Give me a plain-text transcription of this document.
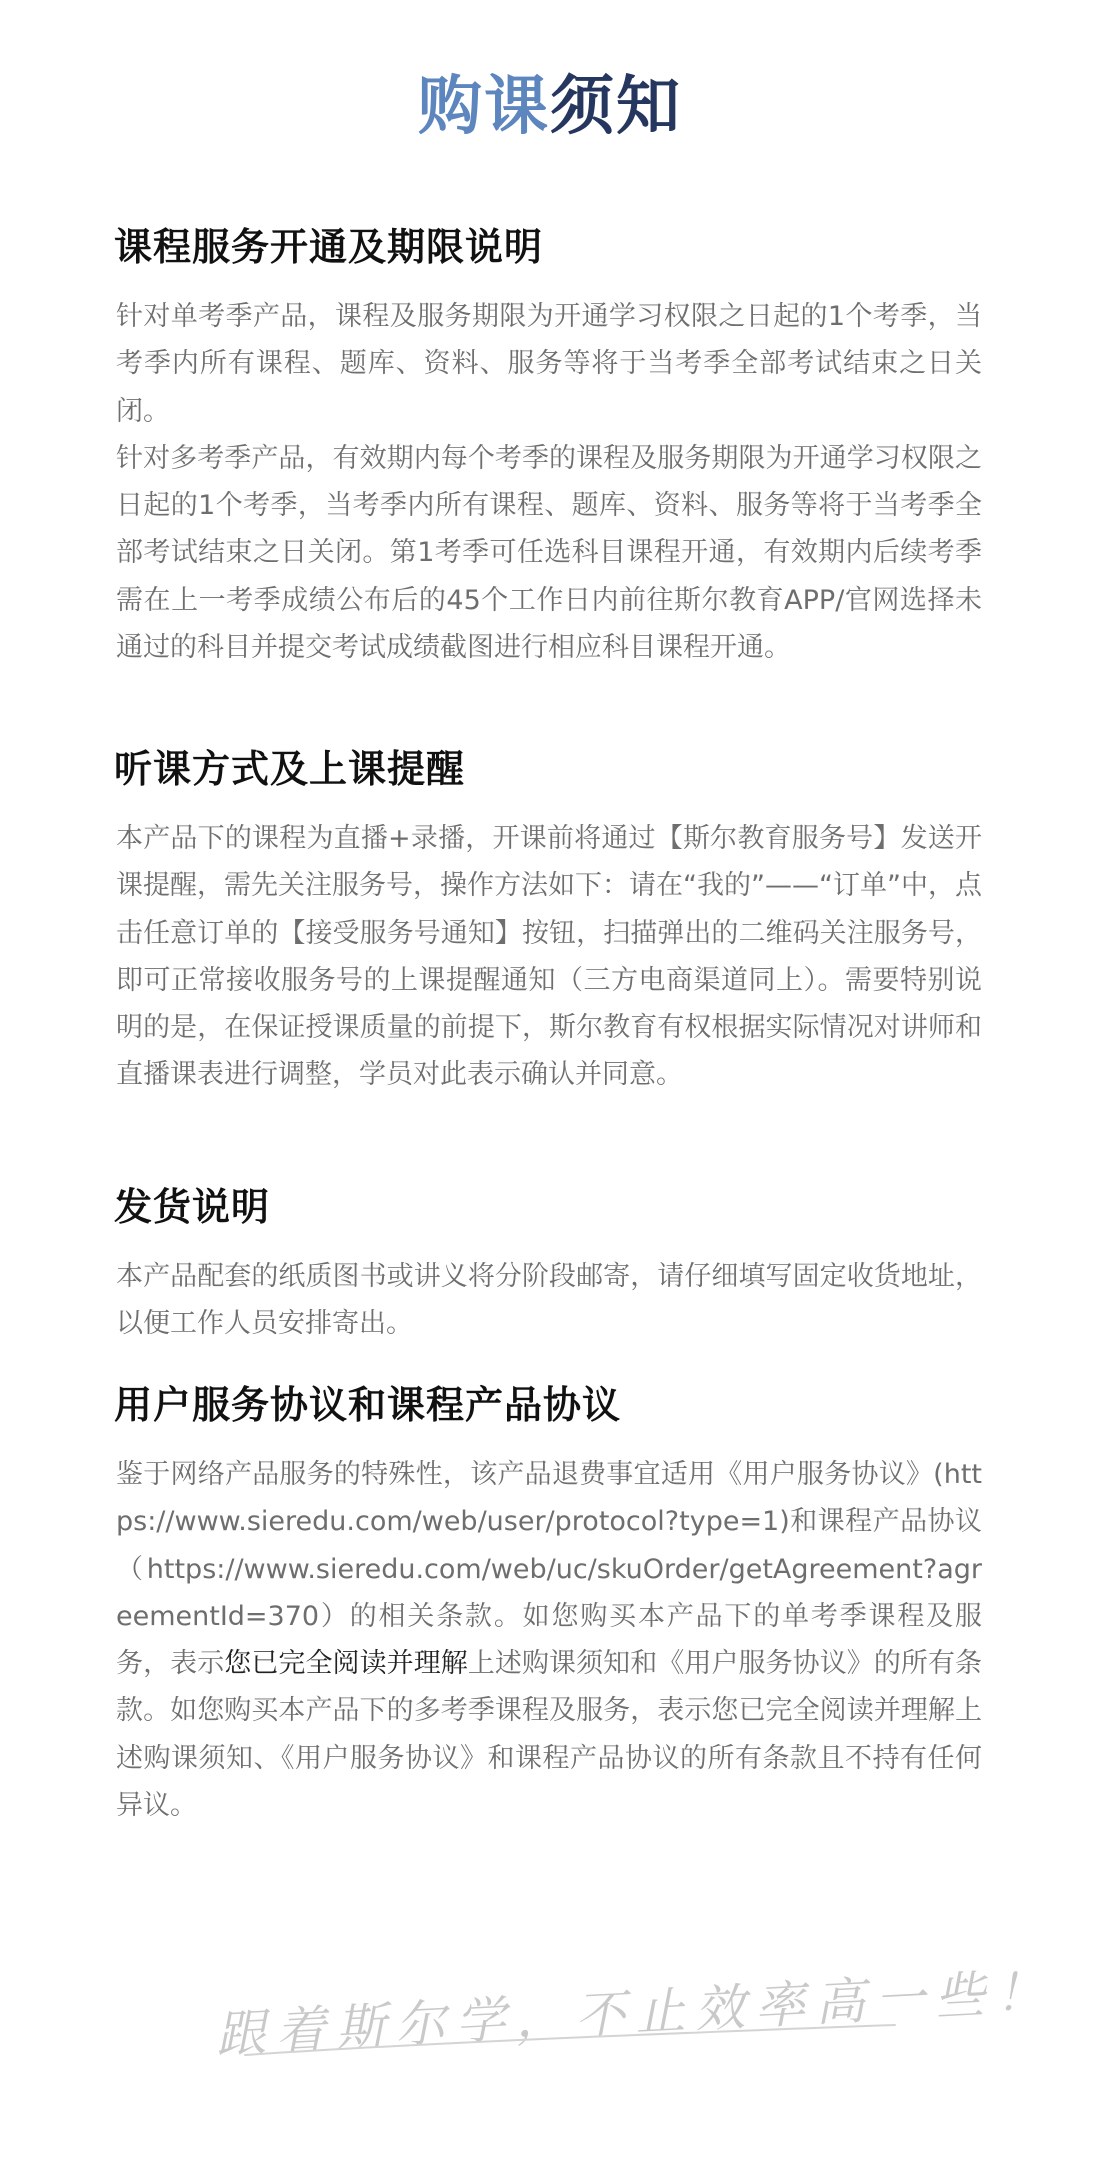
购课须知
课程服务开通及期限说明

针对单考季产品，课程及服务期限为开通学习权限之日起的1个考季，当考季内所有课程、题库、资料、服务等将于当考季全部考试结束之日关闭。

针对多考季产品，有效期内每个考季的课程及服务期限为开通学习权限之日起的1个考季，当考季内所有课程、题库、资料、服务等将于当考季全部考试结束之日关闭。第1考季可任选科目课程开通，有效期内后续考季需在上一考季成绩公布后的45个工作日内前往斯尔教育APP/官网选择未通过的科目并提交考试成绩截图进行相应科目课程开通。

听课方式及上课提醒

本产品下的课程为直播+录播，开课前将通过【斯尔教育服务号】发送开课提醒，需先关注服务号，操作方法如下：请在“我的”——“订单”中，点击任意订单的【接受服务号通知】按钮，扫描弹出的二维码关注服务号，即可正常接收服务号的上课提醒通知（三方电商渠道同上）。需要特别说明的是，在保证授课质量的前提下，斯尔教育有权根据实际情况对讲师和直播课表进行调整，学员对此表示确认并同意。

发货说明

本产品配套的纸质图书或讲义将分阶段邮寄，请仔细填写固定收货地址，以便工作人员安排寄出。

用户服务协议和课程产品协议

鉴于网络产品服务的特殊性，该产品退费事宜适用《用户服务协议》(https://www.sieredu.com/web/user/protocol?type=1)和课程产品协议（https://www.sieredu.com/web/uc/skuOrder/getAgreement?agreementId=370）的相关条款。如您购买本产品下的单考季课程及服务，表示您已完全阅读并理解上述购课须知和《用户服务协议》的所有条款。如您购买本产品下的多考季课程及服务，表示您已完全阅读并理解上述购课须知、《用户服务协议》和课程产品协议的所有条款且不持有任何异议。

跟着斯尔学，不止效率高一些！
